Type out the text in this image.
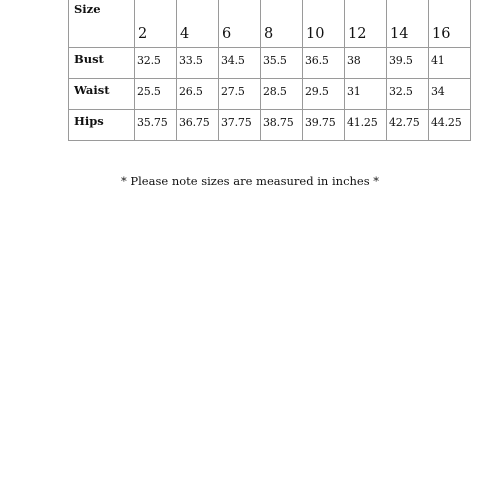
Size	2	4	6	8	10	12	14	16
Bust	32.5	33.5	34.5	35.5	36.5	38	39.5	41
Waist	25.5	26.5	27.5	28.5	29.5	31	32.5	34
Hips	35.75	36.75	37.75	38.75	39.75	41.25	42.75	44.25
* Please note sizes are measured in inches *
